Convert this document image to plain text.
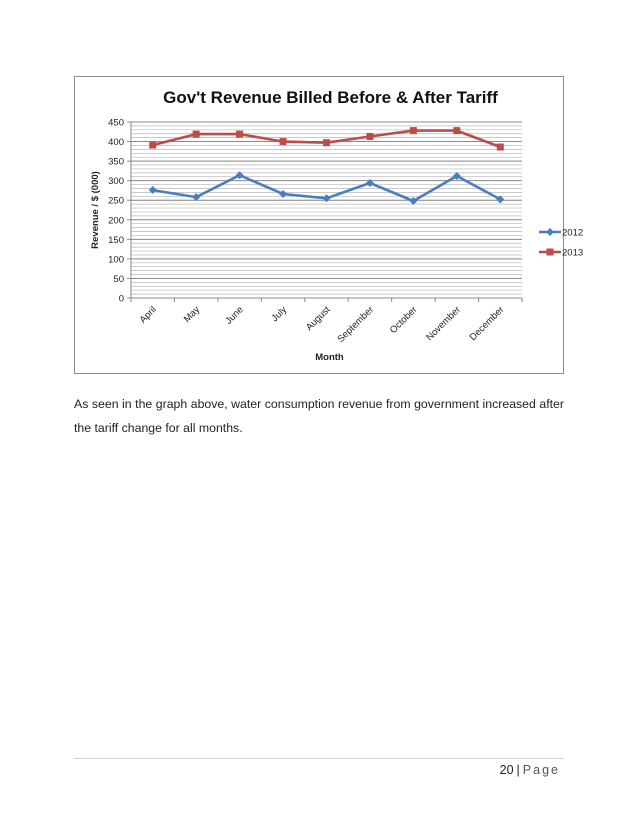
Gov't Revenue Billed Before & After Tariff
0
50
100
150
200
250
300
350
400
450
April May June July August September October November December
Month
Revenue / $ (000)	2012
2013

As seen in the graph above, water consumption revenue from government increased after the tariff change for all months.

20 | Page
